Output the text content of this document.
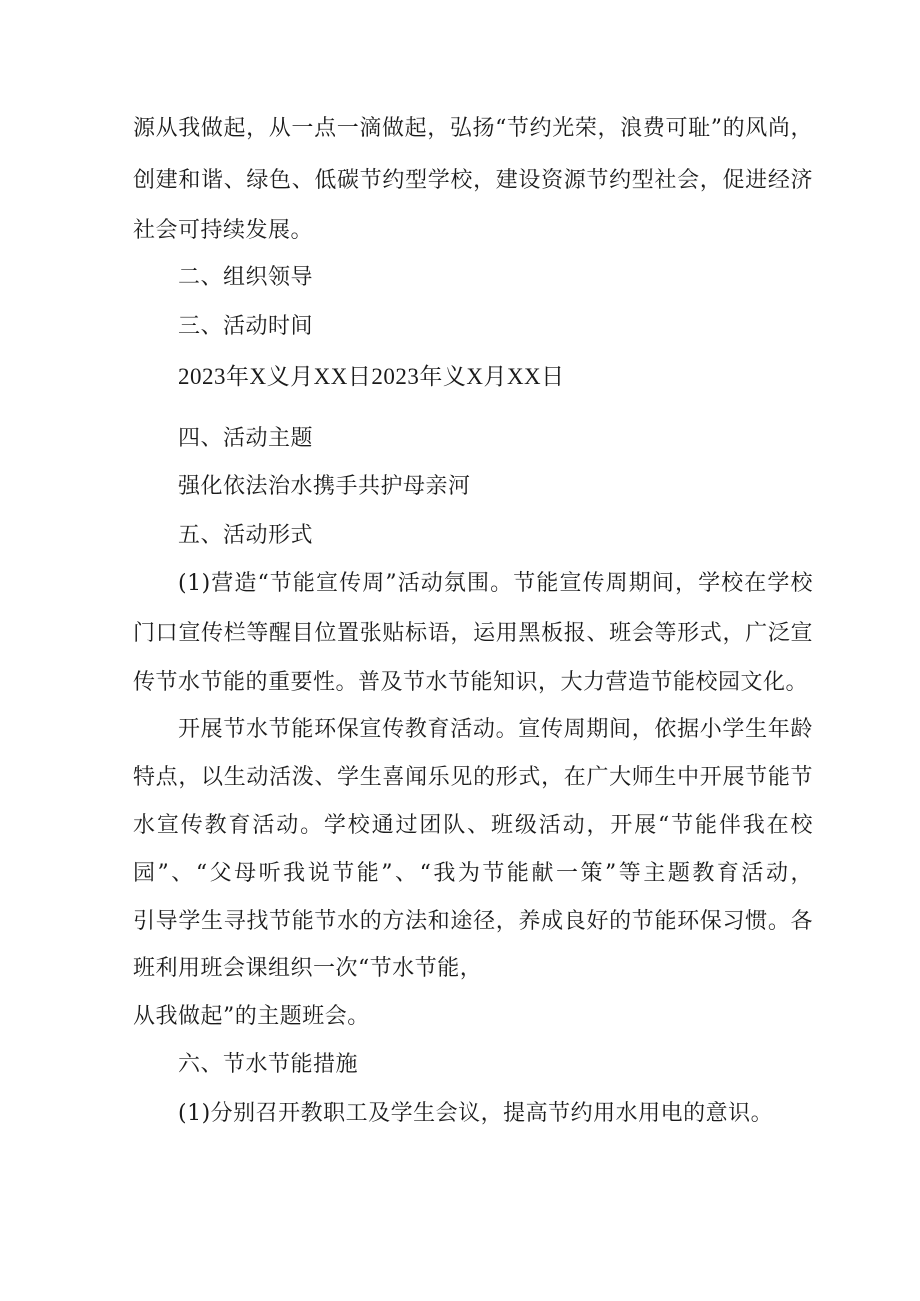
源从我做起，从一点一滴做起，弘扬“节约光荣，浪费可耻”的风尚，
创建和谐、绿色、低碳节约型学校，建设资源节约型社会，促进经济
社会可持续发展。
二、组织领导
三、活动时间
2023年X义月XX日2023年义X月XX日
四、活动主题
强化依法治水携手共护母亲河
五、活动形式
(1)营造“节能宣传周”活动氛围。节能宣传周期间，学校在学校
门口宣传栏等醒目位置张贴标语，运用黑板报、班会等形式，广泛宣
传节水节能的重要性。普及节水节能知识，大力营造节能校园文化。
开展节水节能环保宣传教育活动。宣传周期间，依据小学生年龄
特点，以生动活泼、学生喜闻乐见的形式，在广大师生中开展节能节
水宣传教育活动。学校通过团队、班级活动，开展“节能伴我在校
园”、“父母听我说节能”、“我为节能献一策”等主题教育活动，
引导学生寻找节能节水的方法和途径，养成良好的节能环保习惯。各
班利用班会课组织一次“节水节能，
从我做起”的主题班会。
六、节水节能措施
(1)分别召开教职工及学生会议，提高节约用水用电的意识。
